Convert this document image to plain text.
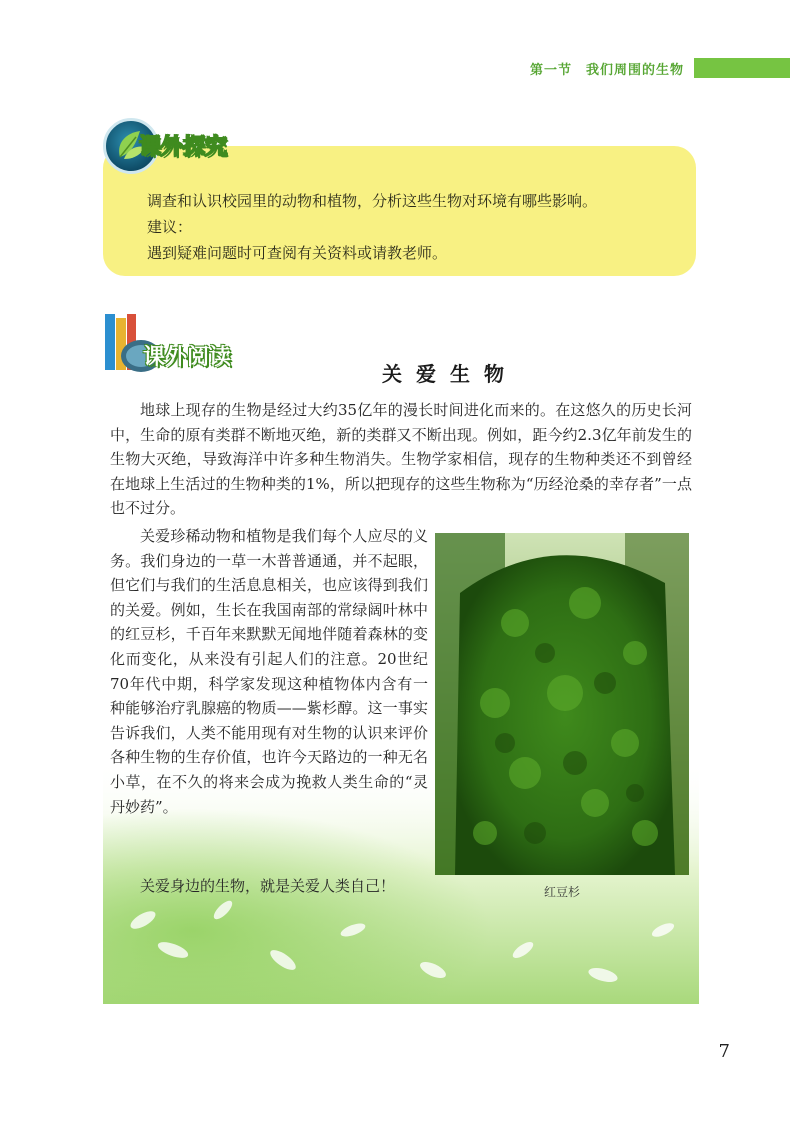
第一节　我们周围的生物

调查和认识校园里的动物和植物，分析这些生物对环境有哪些影响。

建议：

遇到疑难问题时可查阅有关资料或请教老师。

课外探究
课外阅读
关爱生物

地球上现存的生物是经过大约35亿年的漫长时间进化而来的。在这悠久的历史长河中，生命的原有类群不断地灭绝，新的类群又不断出现。例如，距今约2.3亿年前发生的生物大灭绝，导致海洋中许多种生物消失。生物学家相信，现存的生物种类还不到曾经在地球上生活过的生物种类的1%，所以把现存的这些生物称为“历经沧桑的幸存者”一点也不过分。

关爱珍稀动物和植物是我们每个人应尽的义务。我们身边的一草一木普普通通，并不起眼，但它们与我们的生活息息相关，也应该得到我们的关爱。例如，生长在我国南部的常绿阔叶林中的红豆杉，千百年来默默无闻地伴随着森林的变化而变化，从来没有引起人们的注意。20世纪70年代中期，科学家发现这种植物体内含有一种能够治疗乳腺癌的物质——紫杉醇。这一事实告诉我们，人类不能用现有对生物的认识来评价各种生物的生存价值，也许今天路边的一种无名小草，在不久的将来会成为挽救人类生命的“灵丹妙药”。

关爱身边的生物，就是关爱人类自己！	红豆杉
7
